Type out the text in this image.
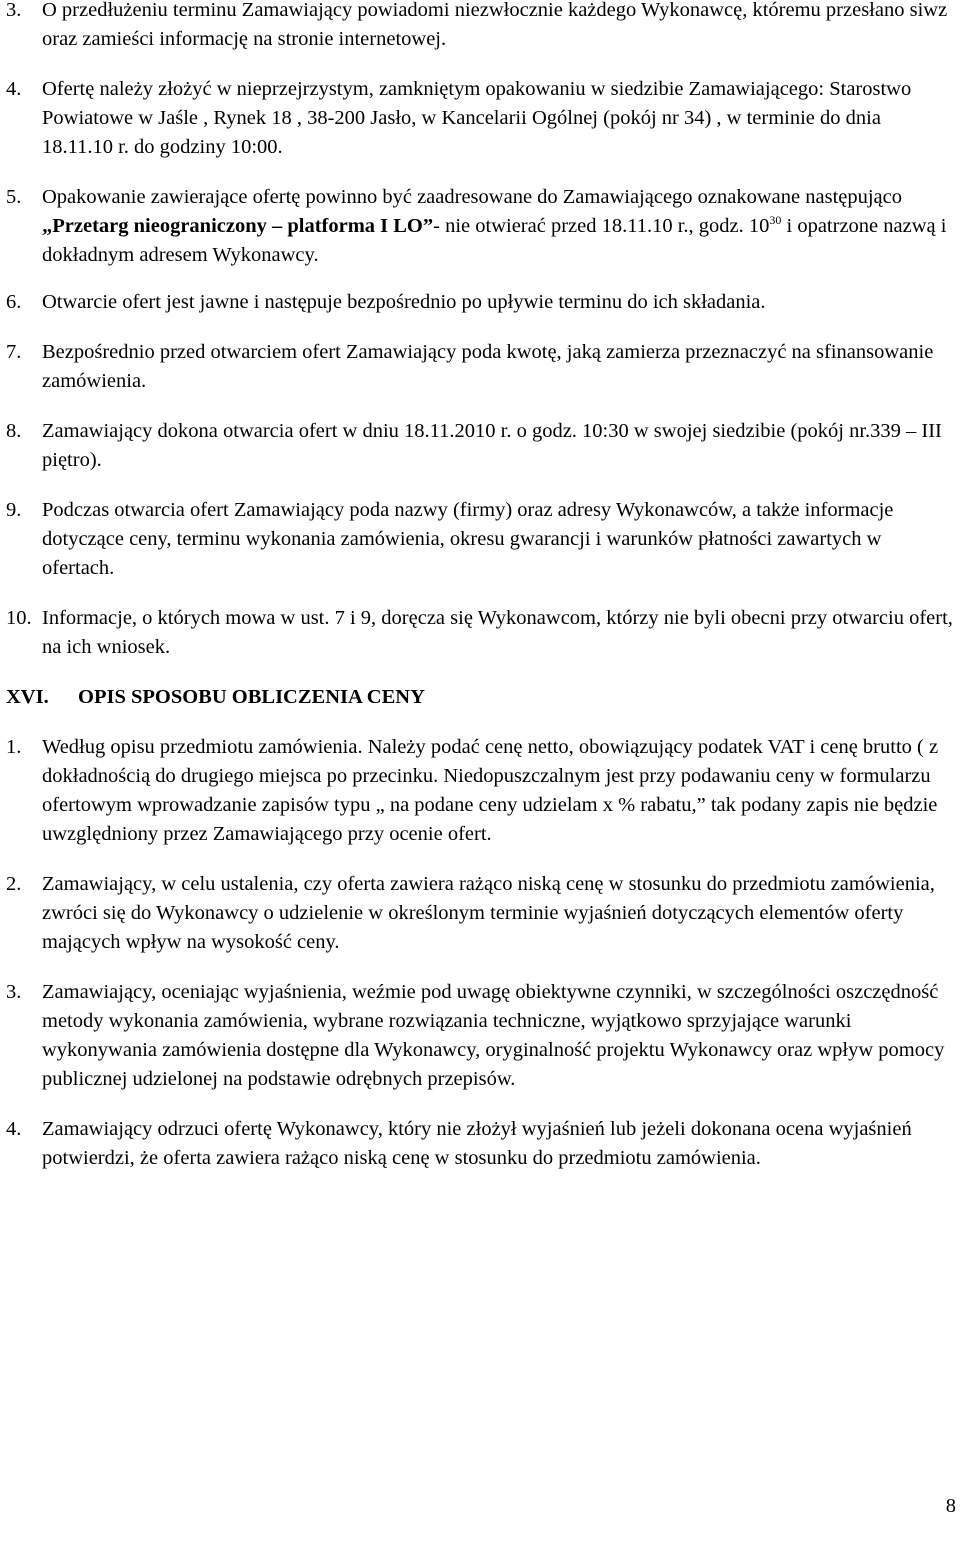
3. O przedłużeniu terminu Zamawiający powiadomi niezwłocznie każdego Wykonawcę, któremu przesłano siwz oraz zamieści informację na stronie internetowej.
4. Ofertę należy złożyć w nieprzejrzystym, zamkniętym opakowaniu w siedzibie Zamawiającego: Starostwo Powiatowe w Jaśle , Rynek 18 , 38-200 Jasło, w Kancelarii Ogólnej (pokój nr 34) , w terminie do dnia 18.11.10 r. do godziny 10:00.
5. Opakowanie zawierające ofertę powinno być zaadresowane do Zamawiającego oznakowane następująco „Przetarg nieograniczony – platforma I LO”- nie otwierać przed 18.11.10 r., godz. $10^{30}$ i opatrzone nazwą i dokładnym adresem Wykonawcy.
6. Otwarcie ofert jest jawne i następuje bezpośrednio po upływie terminu do ich składania.
7. Bezpośrednio przed otwarciem ofert Zamawiający poda kwotę, jaką zamierza przeznaczyć na sfinansowanie zamówienia.
8. Zamawiający dokona otwarcia ofert w dniu 18.11.2010 r. o godz. 10:30 w swojej siedzibie (pokój nr.339 – III piętro).
9. Podczas otwarcia ofert Zamawiający poda nazwy (firmy) oraz adresy Wykonawców, a także informacje dotyczące ceny, terminu wykonania zamówienia, okresu gwarancji i warunków płatności zawartych w ofertach.
10. Informacje, o których mowa w ust. 7 i 9, doręcza się Wykonawcom, którzy nie byli obecni przy otwarciu ofert, na ich wniosek.
XVI. OPIS SPOSOBU OBLICZENIA CENY
1. Według opisu przedmiotu zamówienia. Należy podać cenę netto, obowiązujący podatek VAT i cenę brutto ( z dokładnością do drugiego miejsca po przecinku. Niedopuszczalnym jest przy podawaniu ceny w formularzu ofertowym wprowadzanie zapisów typu „ na podane ceny udzielam x % rabatu,” tak podany zapis nie będzie uwzględniony przez Zamawiającego przy ocenie ofert.
2. Zamawiający, w celu ustalenia, czy oferta zawiera rażąco niską cenę w stosunku do przedmiotu zamówienia, zwróci się do Wykonawcy o udzielenie w określonym terminie wyjaśnień dotyczących elementów oferty mających wpływ na wysokość ceny.
3. Zamawiający, oceniając wyjaśnienia, weźmie pod uwagę obiektywne czynniki, w szczególności oszczędność metody wykonania zamówienia, wybrane rozwiązania techniczne, wyjątkowo sprzyjające warunki wykonywania zamówienia dostępne dla Wykonawcy, oryginalność projektu Wykonawcy oraz wpływ pomocy publicznej udzielonej na podstawie odrębnych przepisów.
4. Zamawiający odrzuci ofertę Wykonawcy, który nie złożył wyjaśnień lub jeżeli dokonana ocena wyjaśnień potwierdzi, że oferta zawiera rażąco niską cenę w stosunku do przedmiotu zamówienia.
8
